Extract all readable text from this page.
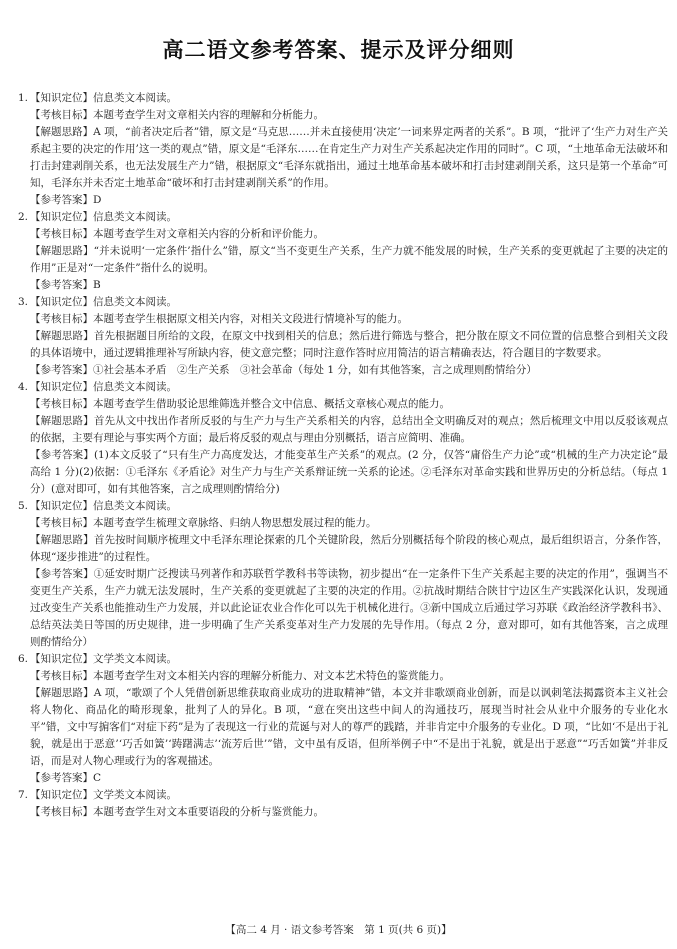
高二语文参考答案、提示及评分细则

1. 【知识定位】信息类文本阅读。

【考核目标】本题考查学生对文章相关内容的理解和分析能力。

【解题思路】A 项，“前者决定后者”错，原文是“马克思……并未直接使用‘决定’一词来界定两者的关系”。B 项，“批评了‘生产力对生产关系起主要的决定的作用’这一类的观点”错，原文是“毛泽东……在肯定生产力对生产关系起决定作用的同时”。C 项，“土地革命无法破坏和打击封建剥削关系，也无法发展生产力”错，根据原文“毛泽东就指出，通过土地革命基本破坏和打击封建剥削关系，这只是第一个革命”可知，毛泽东并未否定土地革命“破坏和打击封建剥削关系”的作用。

【参考答案】D

2. 【知识定位】信息类文本阅读。

【考核目标】本题考查学生对文章相关内容的分析和评价能力。

【解题思路】“并未说明‘一定条件’指什么”错，原文“当不变更生产关系，生产力就不能发展的时候，生产关系的变更就起了主要的决定的作用”正是对“一定条件”指什么的说明。

【参考答案】B

3. 【知识定位】信息类文本阅读。

【考核目标】本题考查学生根据原文相关内容，对相关文段进行情境补写的能力。

【解题思路】首先根据题目所给的文段，在原文中找到相关的信息；然后进行筛选与整合，把分散在原文不同位置的信息整合到相关文段的具体语境中，通过逻辑推理补写所缺内容，使文意完整；同时注意作答时应用简洁的语言精确表达，符合题目的字数要求。

【参考答案】①社会基本矛盾　②生产关系　③社会革命（每处 1 分，如有其他答案，言之成理则酌情给分）

4. 【知识定位】信息类文本阅读。

【考核目标】本题考查学生借助驳论思维筛选并整合文中信息、概括文章核心观点的能力。

【解题思路】首先从文中找出作者所反驳的与生产力与生产关系相关的内容，总结出全文明确反对的观点；然后梳理文中用以反驳该观点的依据，主要有理论与事实两个方面；最后将反驳的观点与理由分别概括，语言应简明、准确。

【参考答案】(1)本文反驳了“只有生产力高度发达，才能变革生产关系”的观点。(2 分，仅答“庸俗生产力论”或“机械的生产力决定论”最高给 1 分)(2)依据：①毛泽东《矛盾论》对生产力与生产关系辩证统一关系的论述。②毛泽东对革命实践和世界历史的分析总结。（每点 1 分）(意对即可，如有其他答案，言之成理则酌情给分)

5. 【知识定位】信息类文本阅读。

【考核目标】本题考查学生梳理文章脉络、归纳人物思想发展过程的能力。

【解题思路】首先按时间顺序梳理文中毛泽东理论探索的几个关键阶段，然后分别概括每个阶段的核心观点，最后组织语言，分条作答，体现“逐步推进”的过程性。

【参考答案】①延安时期广泛搜读马列著作和苏联哲学教科书等读物，初步提出“在一定条件下生产关系起主要的决定的作用”，强调当不变更生产关系，生产力就无法发展时，生产关系的变更就起了主要的决定的作用。②抗战时期结合陕甘宁边区生产实践深化认识，发现通过改变生产关系也能推动生产力发展，并以此论证农业合作化可以先于机械化进行。③新中国成立后通过学习苏联《政治经济学教科书》、总结英法美日等国的历史规律，进一步明确了生产关系变革对生产力发展的先导作用。（每点 2 分，意对即可，如有其他答案，言之成理则酌情给分）

6. 【知识定位】文学类文本阅读。

【考核目标】本题考查学生对文本相关内容的理解分析能力、对文本艺术特色的鉴赏能力。

【解题思路】A 项，“歌颂了个人凭借创新思维获取商业成功的进取精神”错，本文并非歌颂商业创新，而是以讽刺笔法揭露资本主义社会将人物化、商品化的畸形现象，批判了人的异化。B 项，“意在突出这些中间人的沟通技巧，展现当时社会从业中介服务的专业化水平”错，文中写掮客们“对症下药”是为了表现这一行业的荒诞与对人的尊严的践踏，并非肯定中介服务的专业化。D 项，“比如‘不是出于礼貌，就是出于恶意’‘巧舌如簧’‘踌躇满志’‘流芳后世’”错，文中虽有反语，但所举例子中“不是出于礼貌，就是出于恶意”“巧舌如簧”并非反语，而是对人物心理或行为的客观描述。

【参考答案】C

7. 【知识定位】文学类文本阅读。

【考核目标】本题考查学生对文本重要语段的分析与鉴赏能力。

【高二 4 月 · 语文参考答案　第 1 页(共 6 页)】
